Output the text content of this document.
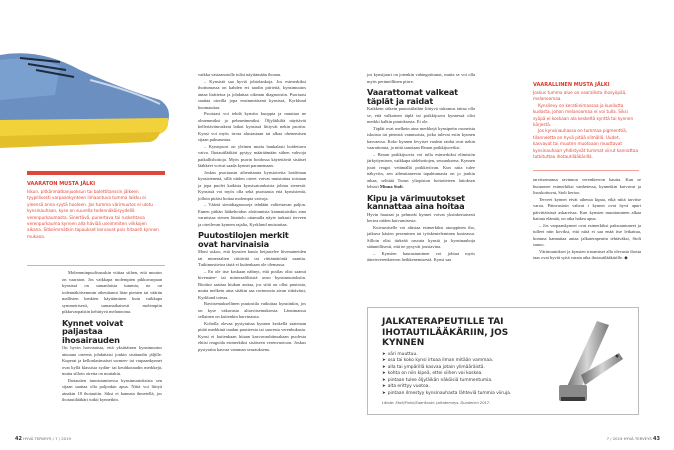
VAARATON MUSTA JÄLKI

Iskun, pitkänmatkanjuoksun tai balettitanssin jälkeen tyypillisesti varpaankynteen ilmaantuva tumma laikku ei yleensä anna syytä huoleen. Jos tumma värimuutos ei ulotu kynsinauhaan, kyse on suurella todennäköisyydellä verenpurkaumasta. Sinertävä, punertava tai ruskehtava verenpurkauma kynnen alla häviää useimmiten viikkojen aikana. Sitkeimmätkin tapaukset korvavat pois hitaasti kynnen mukana.

Molemminpuolisuuskin viittaa siihen, että muutos on vaaraton. Jos vaikkapa molempien pikkuvarpaan kynsissä on samanlaisia tummia, ne on todennäköisemmin aiheuttanut liian pienten tai väärän mallisten kenkien käyttäminen kuin vaikkapa symmetrisesti, samanaikaisesti molempiin pikkuvarpaisiin kehittyvä melanooma.

Kynnet voivat paljastaa ihosairauden

On hyvin harvinaista, että yksittäinen kynsimuutos ainoana oireena johdattaisi jonkin sisätaudin jäljille. Kuperat ja kellonlasimaiset sormen- tai varpaankynnet ovat kyllä klassisia sydän- tai keuhkotaudin merkkejä, mutta silloin oireita on muitakin.

Ihotautien tunnistamisessa kynsimuutoksista sen sijaan saattaa olla paljonkin apua. Niitä voi liittyä ainakin 18 ihotautiin. Siksi ei kannata ihmetellä, jos ihotautilääkäri tutkii kynnetkin.

vaikka vastaanotolle tulisi näyttämään ihoaan.

– Kynsistä saa hyviä johtolankoja. Jos esimerkiksi ihottumassa on kahden eri taudin piirteitä, kynsimuutos antaa lisätietoa ja johdattaa oikeaan diagnoosiin. Psoriaasi saattaa oireilla jopa ensimmäisenä kynsissä, Kyrklund huomauttaa.

Psoriaasi voi tehdä kynsiin kuoppia ja muuttaa ne ohuemmiksi ja pehmeämmiksi. Öljyläikiltä näyttävät kellertävänruskeat laikut kynsissä liittyvät nekin psoriin. Kynsi voi myös irrota alustastaan tai alkaa ohenemisen sijaan paksuuntua.

– Kynsipsori on yleinen mutta hankalasti hoidettava vaiva. Ihotautilääkäri pystyy määräämään siihen vahvoja paikallishoitoja. Myös psorin hoidossa käytettävät sisäiset lääkkeet voivat saada kynnet paranemaan.

Joskus psoriaasin aiheuttamia kynsioireita hoidetaan kynsisienenä, sillä niiden oireet voivat muistuttaa toisiaan ja jopa puolet kaikista kynsisairauksista johtuu sienestä. Kynsissä voi myös olla sekä psoriaasia että kynsisientä, jolloin pitäisi hoitaa molempia vaivoja.

– Vääriä sienidiagnooseja tehdään valitettavan paljon. Ennen pitkän lääkehoidon aloittamista kannattaisikin aina varmistaa sienen läsnäolo ottamalla näyte tarkasti terveen ja oireilevan kynnen rajalta, Kyrklund muistuttaa.

Puutostilojen merkit ovat harvinaisia

Moni uskoo, että kynsien kunto heijastelee hivenaineiden tai mineraalien riittävää tai riittämätöntä saantia. Tutkimustietoa tästä ei kuitenkaan ole olemassa.

– En ole itse koskaan nähnyt, että potilas olisi saanut hivenaine- tai mineraalilisistä avun kynsimuutoksiin. Biotiini saattaa hiukan auttaa, jos siitä on ollut puutosta, mutta melkein aina sitäkin saa ravinnosta aivan riittävästi, Kyrklund toteaa.

Ravitsemuksellinen puutostila vaikuttaa kynsiinkin, jos on kyse vakavasta aliravitsemuksesta. Länsimaissa sellainen on kuitenkin harvinaista.

Koholla olevaa pystyraitaa kynnen keskellä saatetaan pitää merkkinä taudan puutteesta tai suuresta verenhukasta. Kynsi ei kuitenkaan hitaan kasvuvauhtinsakaan puolesta ehtisi reagoida esimerkiksi sisäiseen verenvuotoon. Joskus pystyraita kasvaa vamman seurauksena.

42 HYVÄ TERVEYS / 7 / 2019

jos kynsijuuri on jotenkin vahingoittunut, mutta se voi olla myös perinnöllinen piirre.

Vaarattomat valkeat täplät ja raidat

Kaikkein sitkein puutostilaihin liittyvä uskomus taitaa olla se, että valkoinen täplä tai poikkijuova kynnessä olisi merkki kalkin puutoksesta. Ei ole.

Täplät ovat melkein aina merkkejä kynsipetin osuneista iskuista tai pienistä vammoista, jotka tulevat esiin kynnen kasvaessa. Koko kynnen levyiset vaaleat raidat ovat nekin vaarattomia, ja niitä sanotaan Beaun poikkijuoviksi.

– Beaun poikkijuovia voi tulla esimerkiksi elimistön järkyttymisen, vaikkapa sädehoitojen, seurauksena. Kynnen juuri reagoi vetämällä poikkiviivan. Kun raita tulee näkyviin, sen aiheuttaneesta tapahtumasta on jo jonkin aikaa, selittää Turun yliopiston hoitotieteen laitoksen lehtori Minna Stolt.

Kipu ja värimuutokset kannattaa aina hoitaa

Hyvin hauraat ja pehmeät kynnet voivat yksinkertaisesti kertoa niiden kuivumisesta.

Kuivumiselle voi altistaa esimerkiksi atooppinen iho, jatkuva käsien peseminen tai työskenteleminen kosteassa. Silloin olisi tärkeää rasvata kynsiä ja kynsinauhoja säännöllisesti, että ne pysyvät joustavina.

– Kynsien haurastuminen voi johtua myös ääreisverenkierron heikkenemisestä. Kynsi saa

VAARALLINEN MUSTA JÄLKI

Joskus tumma alue on vaarallista ihosyöpää, melanoomaa.

Kynsilevy on keratiinimassaa ja kuollutta kudosta, johon melanoomaa ei voi tulla. Siksi syöpä ei koskaan ala keskeltä kynttä tai kynnen kärjestä.

Jos kynsinauhassa on tummaa pigmenttiä, tilanneetta on hyvä pitää silmällä. Uudet, kasvavat tai muuten muotoaan muuttavat kynsinauhaan yhdistyvät tummat viirut kannattaa tutkituttaa ihotautilääkärillä.

tarvitsemansa ravinnon verenkierron kautta. Kun se huononee esimerkiksi vanhetessa, kynnetkin kuivuvat ja lisuskottuvat, Stolt kertoo.

Terveet kynnet eivät aiheuta kipua, eikä niitä tarvitse varoa. Päinvastoin vahvat t kynnet ovat hyvä apuri päivittäisissä askareissa. Kun kynsien muuttuminen alkaa haitata elämää, on aika hakea apua.

– Jos varpaankynnet ovat esimerkiksi paksuuntuneet ja tulleet niin koviksi, että niitä ei saa enää itse leikattua, homma kannattaa antaa jalkaterapeutin tehtäväksi, Stolt sanoo.

Värimuutokset ja kynsien irtoamiset alla olevasta ihosta taas ovat hyviä syitä varata aika ihotautilääkärille. ◆

7 / 2019 HYVÄ TERVEYS 43
JALKATERAPEUTILLE TAI IHOTAUTILÄÄKÄRIIN, JOS KYNNEN
➤ väri muuttuu.
➤ osa tai koko kynsi irtoaa ilman mitään vammaa.
➤ alla tai ympärillä kasvaa jotain ylimääräistä.
➤ kohta on niin kipeä, ettei siihen voi koskea.
➤ pintaan tulee öljyläikän näköisiä tummentumia.
➤ alta erittyy vuotoa.
➤ pintaan ilmestyy kynsinauhasta lähteviä tummia viiruja.
Lähde: Stolt/Finkk/Saarikoski: Jalkaterveys. Duodecim 2017.
